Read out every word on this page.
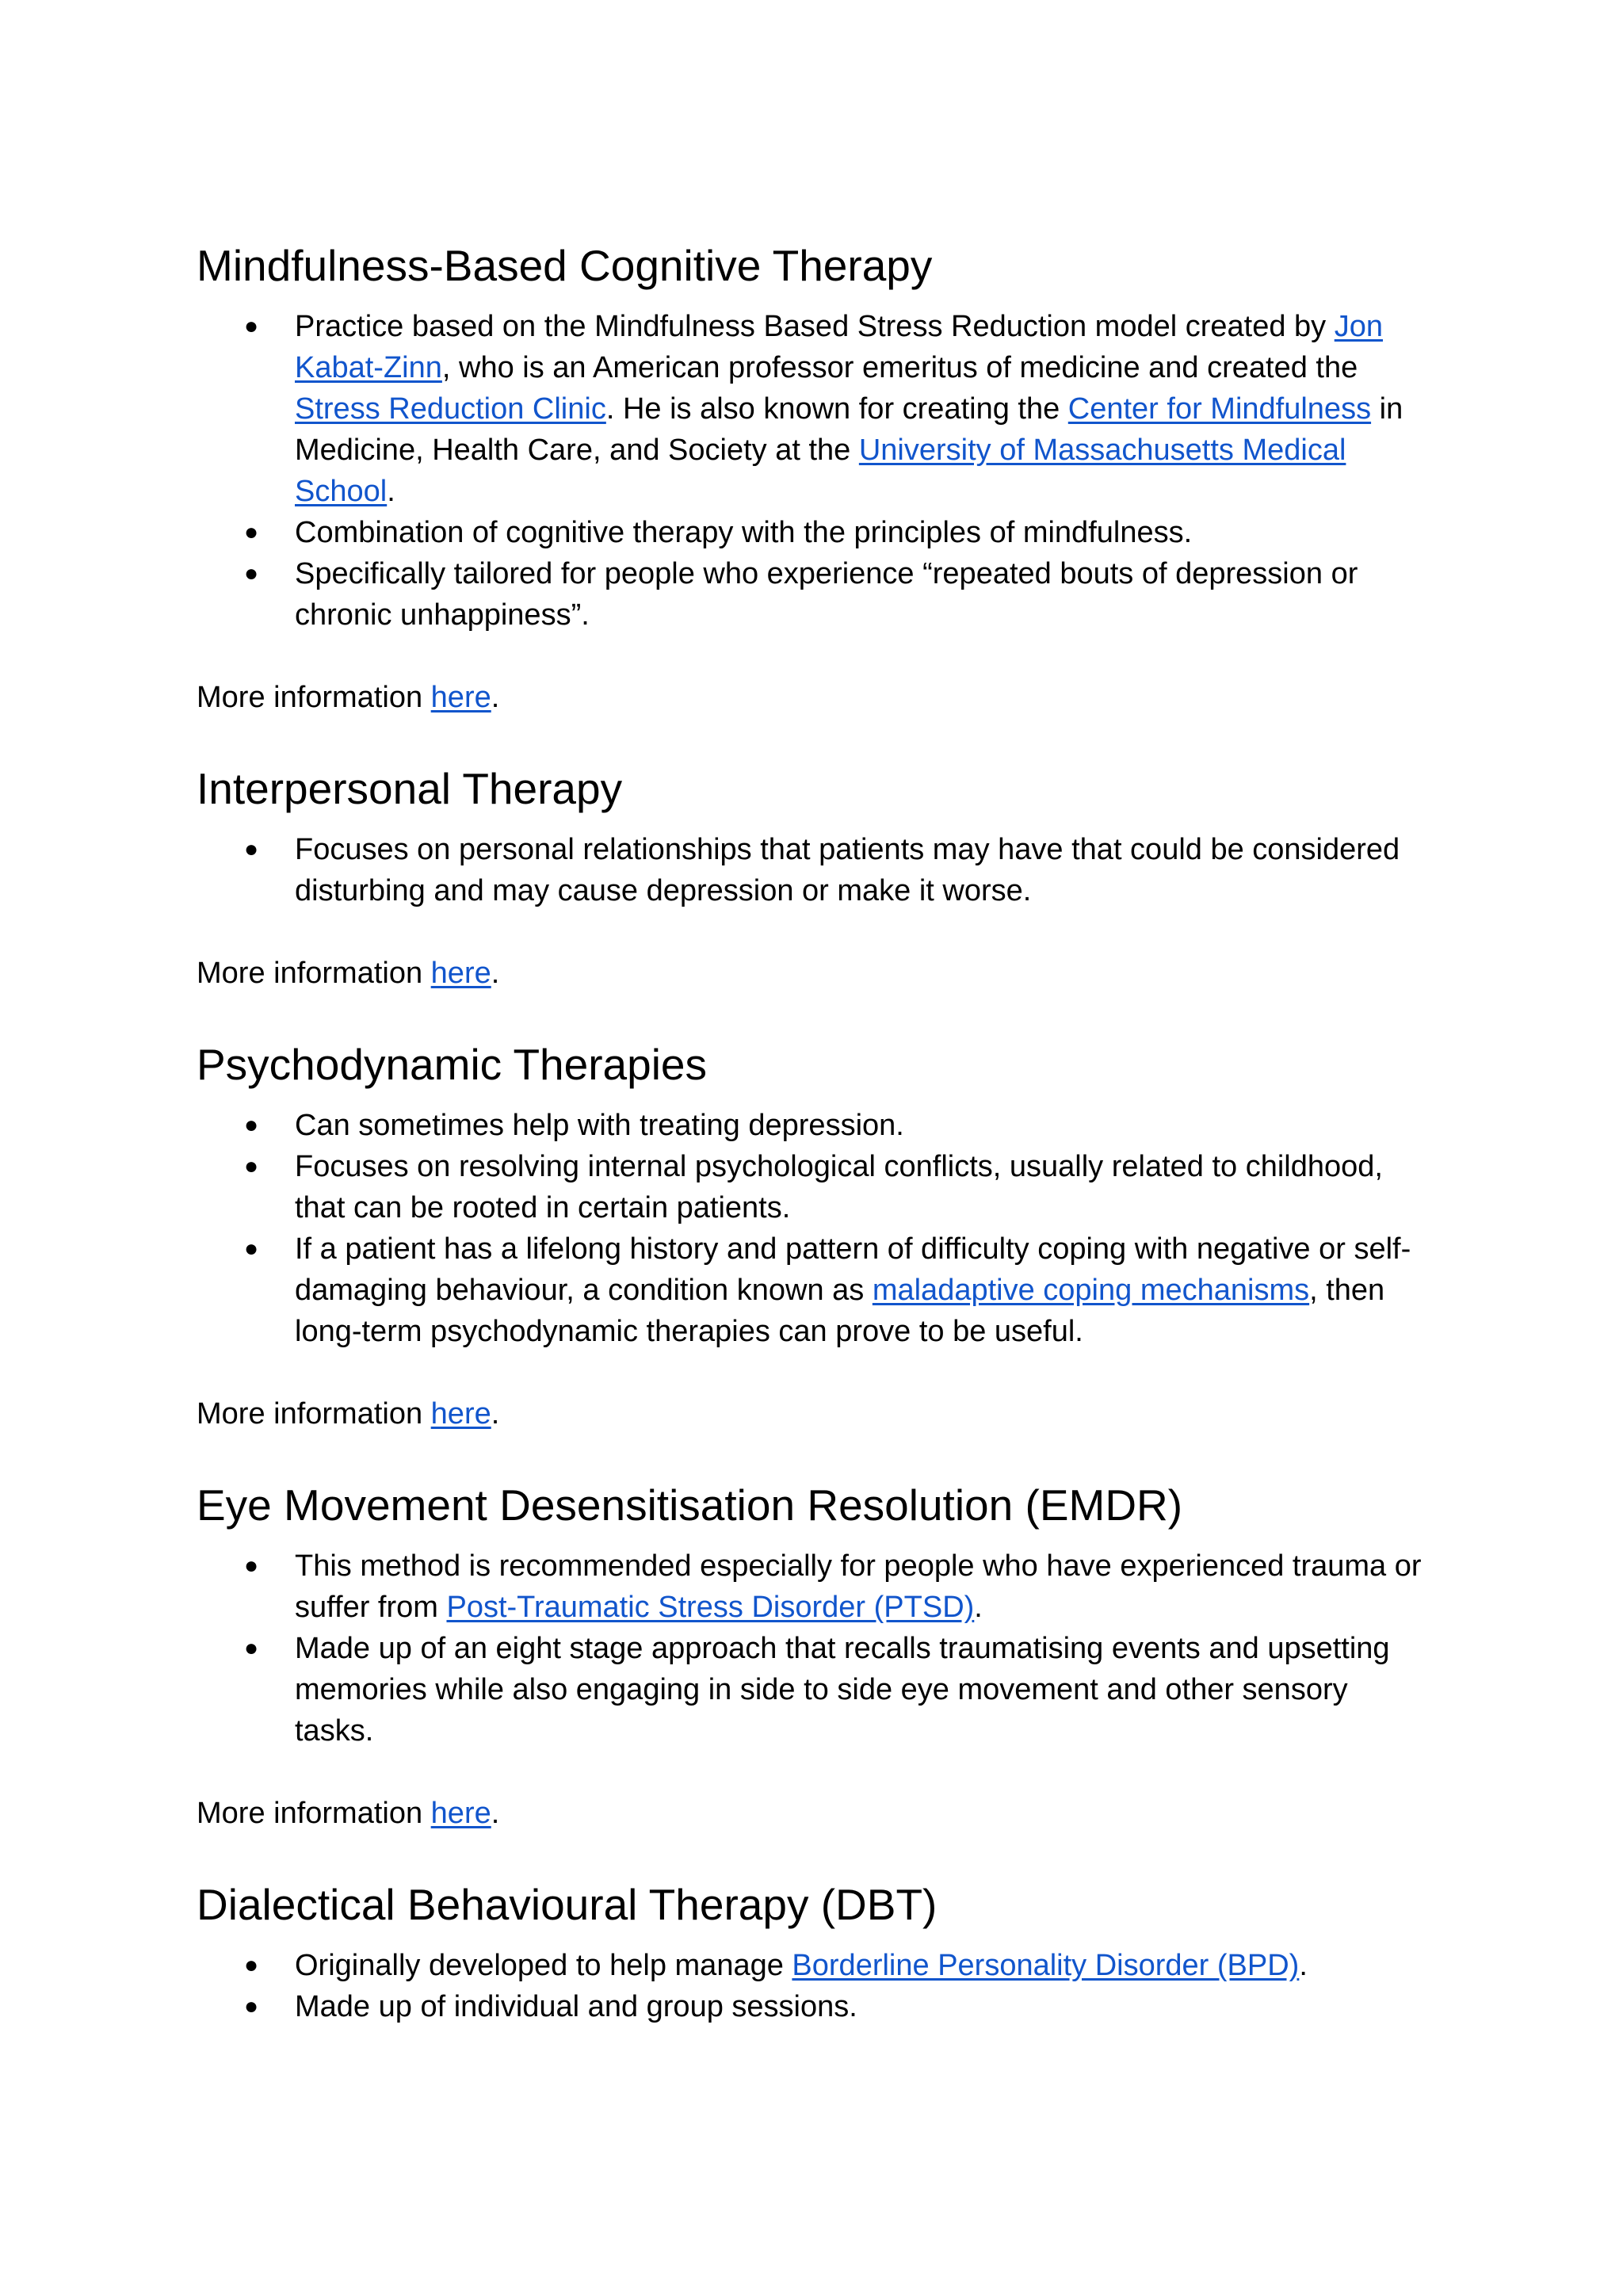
Mindfulness-Based Cognitive Therapy
● Practice based on the Mindfulness Based Stress Reduction model created by Jon Kabat-Zinn, who is an American professor emeritus of medicine and created the Stress Reduction Clinic. He is also known for creating the Center for Mindfulness in Medicine, Health Care, and Society at the University of Massachusetts Medical School.
● Combination of cognitive therapy with the principles of mindfulness.
● Specifically tailored for people who experience “repeated bouts of depression or chronic unhappiness”.

More information here.

Interpersonal Therapy
● Focuses on personal relationships that patients may have that could be considered disturbing and may cause depression or make it worse.

More information here.

Psychodynamic Therapies
● Can sometimes help with treating depression.
● Focuses on resolving internal psychological conflicts, usually related to childhood, that can be rooted in certain patients.
● If a patient has a lifelong history and pattern of difficulty coping with negative or self-damaging behaviour, a condition known as maladaptive coping mechanisms, then long-term psychodynamic therapies can prove to be useful.

More information here.

Eye Movement Desensitisation Resolution (EMDR)
● This method is recommended especially for people who have experienced trauma or suffer from Post-Traumatic Stress Disorder (PTSD).
● Made up of an eight stage approach that recalls traumatising events and upsetting memories while also engaging in side to side eye movement and other sensory tasks.

More information here.

Dialectical Behavioural Therapy (DBT)
● Originally developed to help manage Borderline Personality Disorder (BPD).
● Made up of individual and group sessions.
